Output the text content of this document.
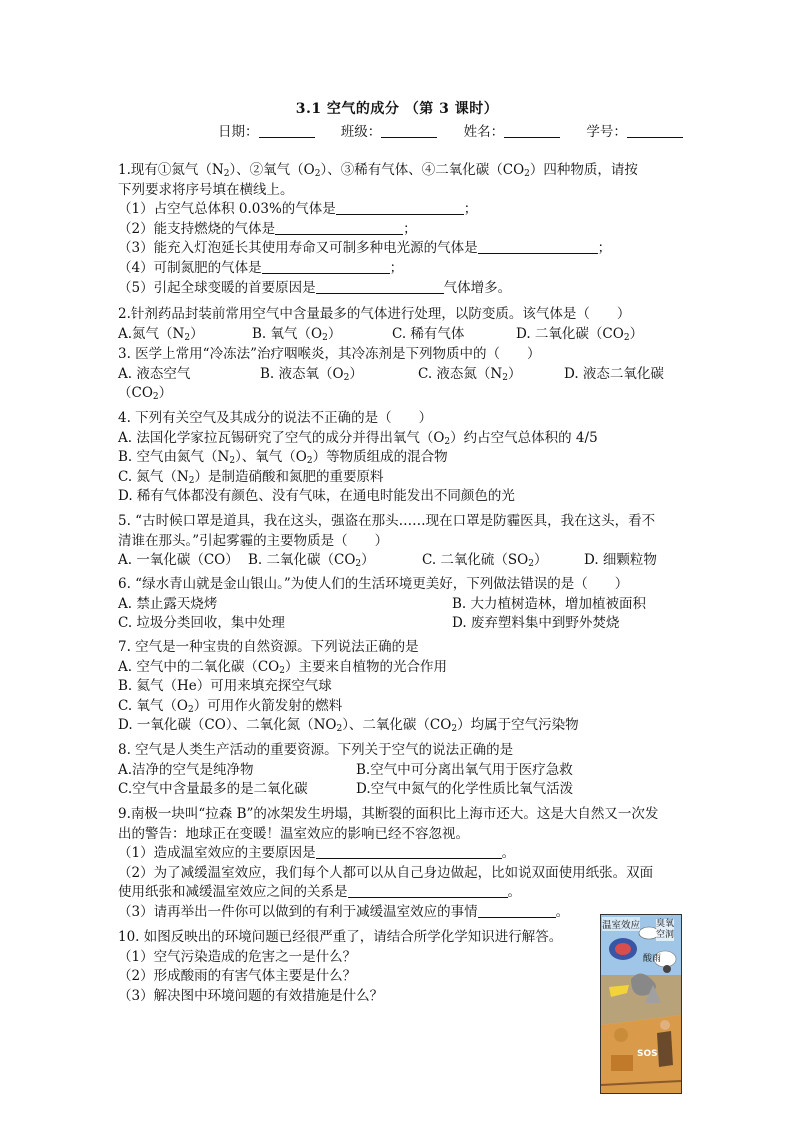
3.1 空气的成分 （第 3 课时）
日期：	班级：	姓名：	学号：
1.现有①氮气$(N_2)$、②氧气$(O_2)$、③稀有气体、④二氧化碳$(CO_2)$四种物质，请按
下列要求将序号填在横线上。
（1）占空气总体积 0.03%的气体是	；
（2）能支持燃烧的气体是	；
（3）能充入灯泡延长其使用寿命又可制多种电光源的气体是	；
（4）可制氮肥的气体是	；
（5）引起全球变暖的首要原因是	气体增多。
2.针剂药品封装前常用空气中含量最多的气体进行处理，以防变质。该气体是（　　）
A.氮气$(N_2)$	B. 氧气$(O_2)$	C. 稀有气体	D. 二氧化碳$(CO_2)$
3. 医学上常用“冷冻法”治疗咽喉炎，其冷冻剂是下列物质中的（　　）
A. 液态空气	B. 液态氧$(O_2)$	C. 液态氮$(N_2)$	D. 液态二氧化碳
$(CO_2)$
4. 下列有关空气及其成分的说法不正确的是（　　）
A. 法国化学家拉瓦锡研究了空气的成分并得出氧气$(O_2)$约占空气总体积的 4/5
B. 空气由氮气$(N_2)$、氧气$(O_2)$等物质组成的混合物
C. 氮气$(N_2)$是制造硝酸和氮肥的重要原料
D. 稀有气体都没有颜色、没有气味，在通电时能发出不同颜色的光
5. “古时候口罩是道具，我在这头，强盗在那头……现在口罩是防霾医具，我在这头，看不
清谁在那头。”引起雾霾的主要物质是（　　）
A. 一氧化碳（CO） B. 二氧化碳$(CO_2)$	C. 二氧化硫$(SO_2)$	D. 细颗粒物
6. “绿水青山就是金山银山。”为使人们的生活环境更美好，下列做法错误的是（　　）
A. 禁止露天烧烤	B. 大力植树造林，增加植被面积
C. 垃圾分类回收，集中处理	D. 废弃塑料集中到野外焚烧
7. 空气是一种宝贵的自然资源。下列说法正确的是
A. 空气中的二氧化碳$(CO_2)$主要来自植物的光合作用
B. 氦气（He）可用来填充探空气球
C. 氧气$(O_2)$可用作火箭发射的燃料
D. 一氧化碳（CO）、二氧化氮$(NO_2)$、二氧化碳$(CO_2)$均属于空气污染物
8. 空气是人类生产活动的重要资源。下列关于空气的说法正确的是
A.洁净的空气是纯净物	B.空气中可分离出氧气用于医疗急救
C.空气中含量最多的是二氧化碳	D.空气中氮气的化学性质比氧气活泼
9.南极一块叫“拉森 B”的冰架发生坍塌，其断裂的面积比上海市还大。这是大自然又一次发
出的警告：地球正在变暖！温室效应的影响已经不容忽视。
（1）造成温室效应的主要原因是	。
（2）为了减缓温室效应，我们每个人都可以从自己身边做起，比如说双面使用纸张。双面
使用纸张和减缓温室效应之间的关系是	。
（3）请再举出一件你可以做到的有利于减缓温室效应的事情	。
10. 如图反映出的环境问题已经很严重了，请结合所学化学知识进行解答。
（1）空气污染造成的危害之一是什么？
（2）形成酸雨的有害气体主要是什么？
（3）解决图中环境问题的有效措施是什么？
温室效应 臭氧
空洞
酸雨
SOS
